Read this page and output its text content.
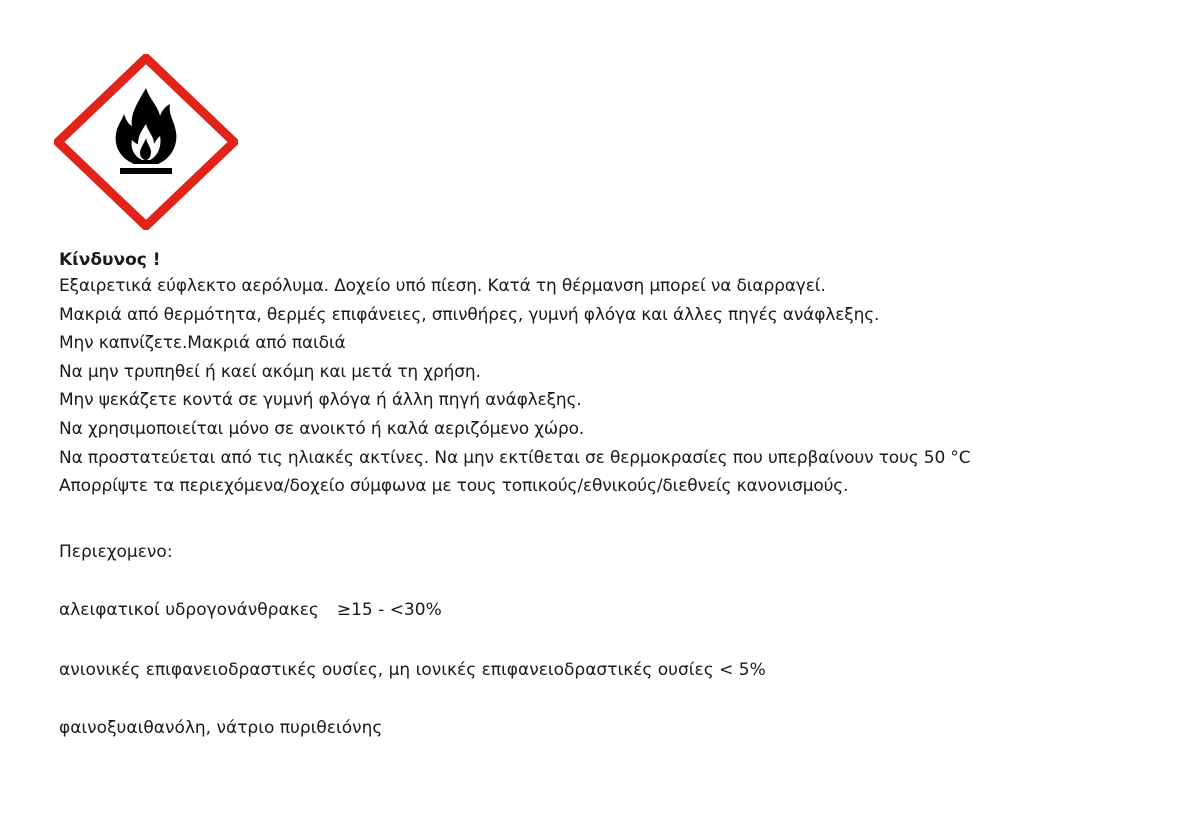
Κίνδυνος !

Εξαιρετικά εύφλεκτο αερόλυμα. Δοχείο υπό πίεση. Κατά τη θέρμανση μπορεί να διαρραγεί.
Μακριά από θερμότητα, θερμές επιφάνειες, σπινθήρες, γυμνή φλόγα και άλλες πηγές ανάφλεξης.
Μην καπνίζετε.Μακριά από παιδιά
Να μην τρυπηθεί ή καεί ακόμη και μετά τη χρήση.
Μην ψεκάζετε κοντά σε γυμνή φλόγα ή άλλη πηγή ανάφλεξης.
Να χρησιμοποιείται μόνο σε ανοικτό ή καλά αεριζόμενο χώρο.
Να προστατεύεται από τις ηλιακές ακτίνες. Να μην εκτίθεται σε θερμοκρασίες που υπερβαίνουν τους 50 °C
Απορρίψτε τα περιεχόμενα/δοχείο σύμφωνα με τους τοπικούς/εθνικούς/διεθνείς κανονισμούς.
Περιεχομενο:
αλειφατικοί υδρογονάνθρακες ≥15 - <30%
ανιονικές επιφανειοδραστικές ουσίες, μη ιονικές επιφανειοδραστικές ουσίες < 5%
φαινοξυαιθανόλη, νάτριο πυριθειόνης
